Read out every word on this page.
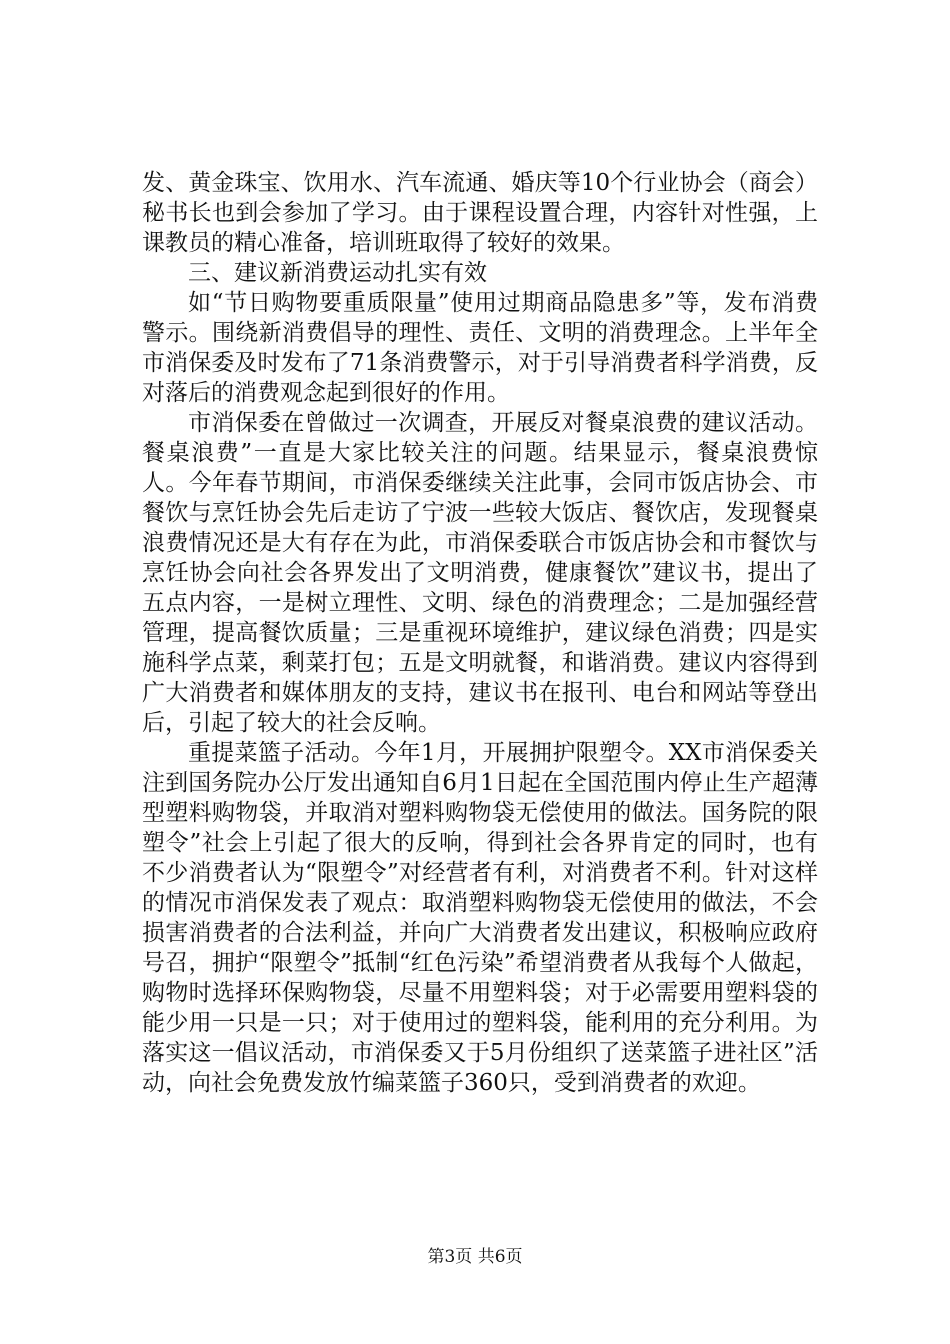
发、黄金珠宝、饮用水、汽车流通、婚庆等10个行业协会（商会）秘书长也到会参加了学习。由于课程设置合理，内容针对性强，上课教员的精心准备，培训班取得了较好的效果。

三、建议新消费运动扎实有效

如“节日购物要重质限量”使用过期商品隐患多”等，发布消费警示。围绕新消费倡导的理性、责任、文明的消费理念。上半年全市消保委及时发布了71条消费警示，对于引导消费者科学消费，反对落后的消费观念起到很好的作用。

市消保委在曾做过一次调查，开展反对餐桌浪费的建议活动。餐桌浪费”一直是大家比较关注的问题。结果显示，餐桌浪费惊人。今年春节期间，市消保委继续关注此事，会同市饭店协会、市餐饮与烹饪协会先后走访了宁波一些较大饭店、餐饮店，发现餐桌浪费情况还是大有存在为此，市消保委联合市饭店协会和市餐饮与烹饪协会向社会各界发出了文明消费，健康餐饮”建议书，提出了五点内容，一是树立理性、文明、绿色的消费理念；二是加强经营管理，提高餐饮质量；三是重视环境维护，建议绿色消费；四是实施科学点菜，剩菜打包；五是文明就餐，和谐消费。建议内容得到广大消费者和媒体朋友的支持，建议书在报刊、电台和网站等登出后，引起了较大的社会反响。

重提菜篮子活动。今年1月，开展拥护限塑令。XX市消保委关注到国务院办公厅发出通知自6月1日起在全国范围内停止生产超薄型塑料购物袋，并取消对塑料购物袋无偿使用的做法。国务院的限塑令”社会上引起了很大的反响，得到社会各界肯定的同时，也有不少消费者认为“限塑令”对经营者有利，对消费者不利。针对这样的情况市消保发表了观点：取消塑料购物袋无偿使用的做法，不会损害消费者的合法利益，并向广大消费者发出建议，积极响应政府号召，拥护“限塑令”抵制“红色污染”希望消费者从我每个人做起，购物时选择环保购物袋，尽量不用塑料袋；对于必需要用塑料袋的能少用一只是一只；对于使用过的塑料袋，能利用的充分利用。为落实这一倡议活动，市消保委又于5月份组织了送菜篮子进社区”活动，向社会免费发放竹编菜篮子360只，受到消费者的欢迎。

第3页 共6页
